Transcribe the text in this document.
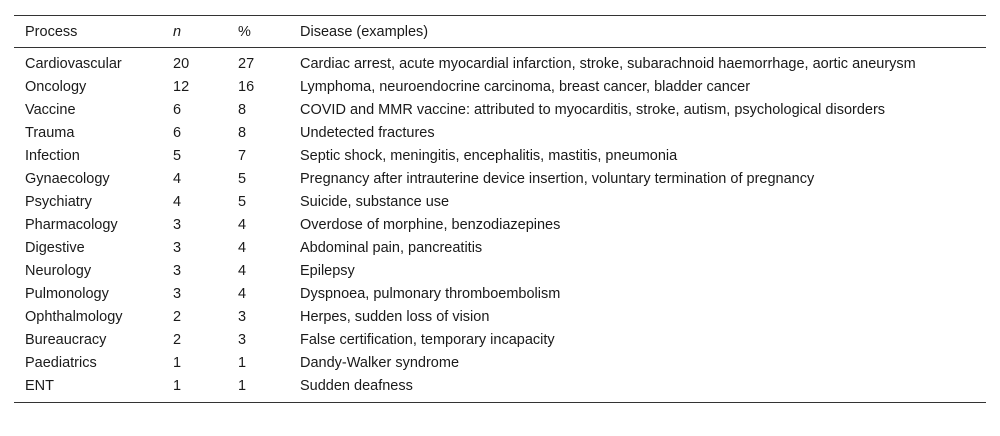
Process	n	%	Disease (examples)
Cardiovascular	20	27	Cardiac arrest, acute myocardial infarction, stroke, subarachnoid haemorrhage, aortic aneurysm
Oncology	12	16	Lymphoma, neuroendocrine carcinoma, breast cancer, bladder cancer
Vaccine	6	8	COVID and MMR vaccine: attributed to myocarditis, stroke, autism, psychological disorders
Trauma	6	8	Undetected fractures
Infection	5	7	Septic shock, meningitis, encephalitis, mastitis, pneumonia
Gynaecology	4	5	Pregnancy after intrauterine device insertion, voluntary termination of pregnancy
Psychiatry	4	5	Suicide, substance use
Pharmacology	3	4	Overdose of morphine, benzodiazepines
Digestive	3	4	Abdominal pain, pancreatitis
Neurology	3	4	Epilepsy
Pulmonology	3	4	Dyspnoea, pulmonary thromboembolism
Ophthalmology	2	3	Herpes, sudden loss of vision
Bureaucracy	2	3	False certification, temporary incapacity
Paediatrics	1	1	Dandy-Walker syndrome
ENT	1	1	Sudden deafness
